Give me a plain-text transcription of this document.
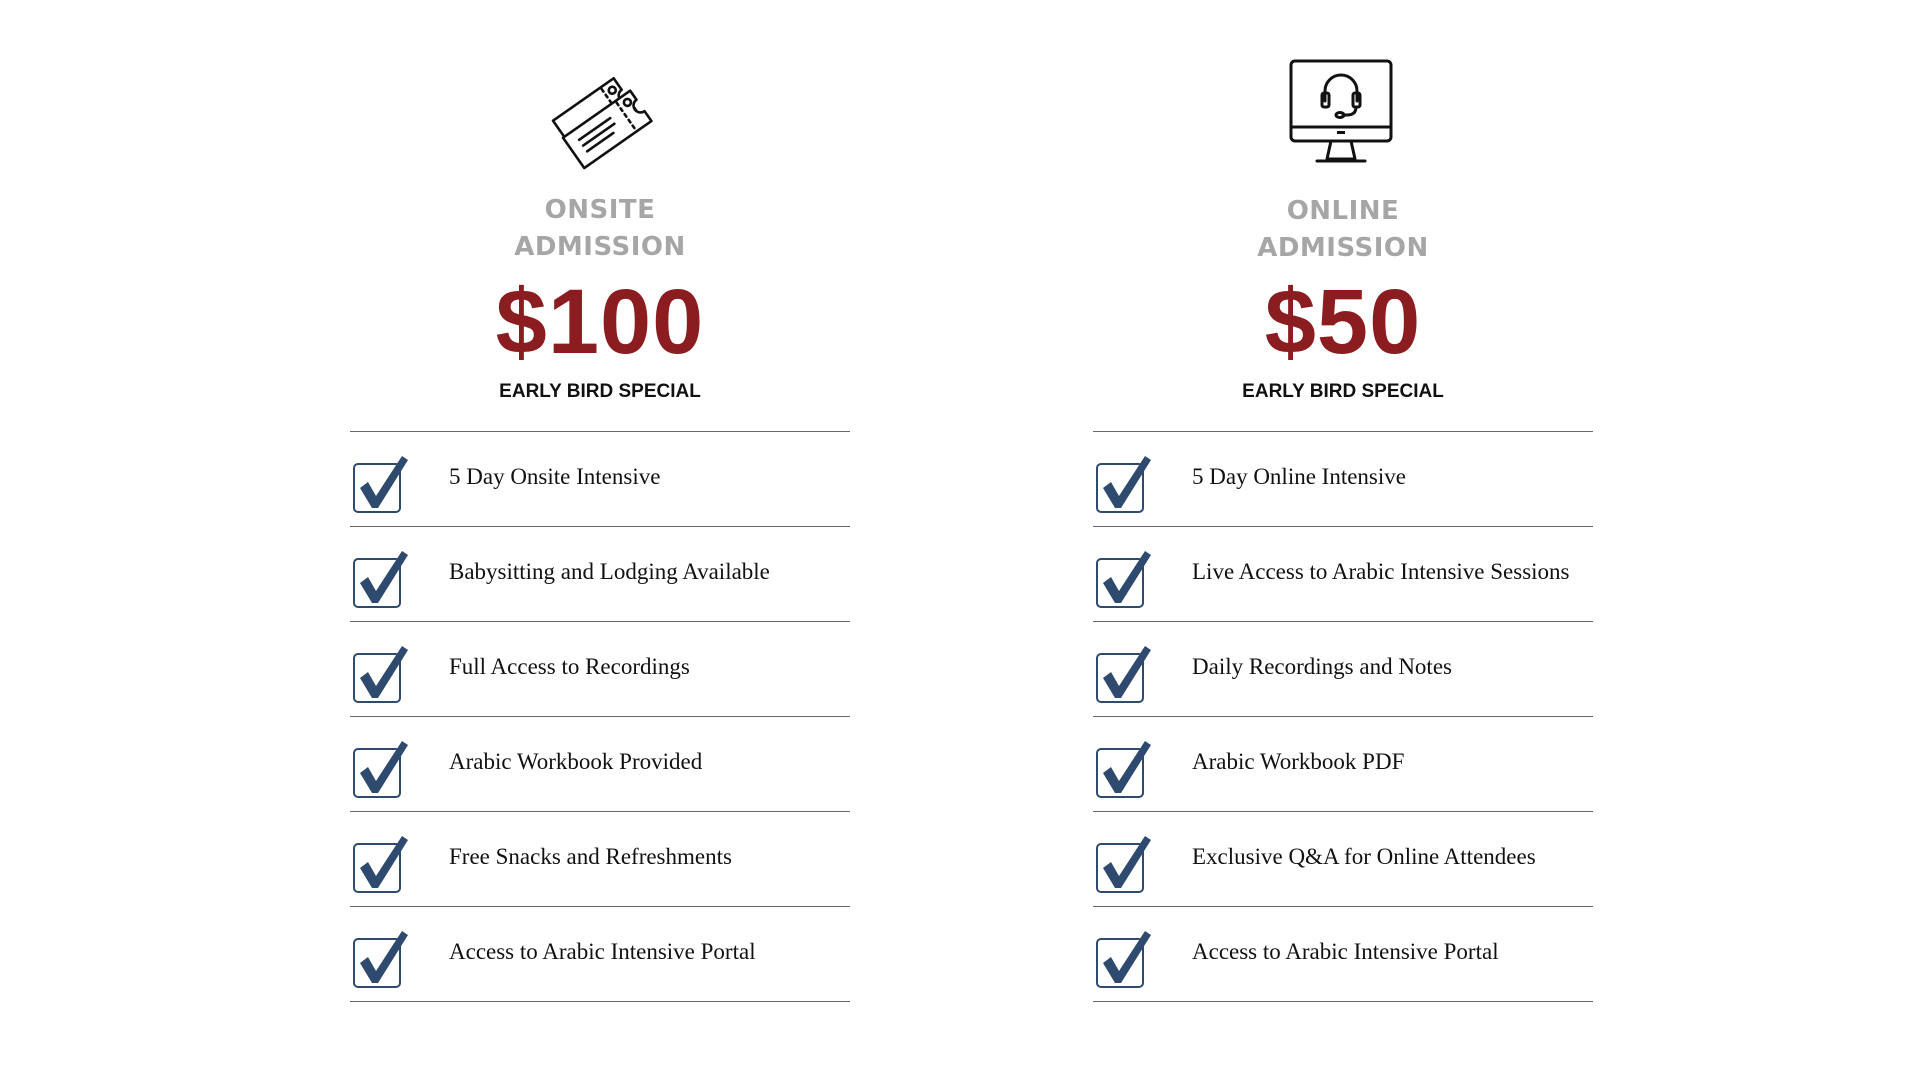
ONSITE
ADMISSION
$100
EARLY BIRD SPECIAL
5 Day Onsite Intensive
Babysitting and Lodging Available
Full Access to Recordings
Arabic Workbook Provided
Free Snacks and Refreshments
Access to Arabic Intensive Portal
ONLINE
ADMISSION
$50
EARLY BIRD SPECIAL
5 Day Online Intensive
Live Access to Arabic Intensive Sessions
Daily Recordings and Notes
Arabic Workbook PDF
Exclusive Q&A for Online Attendees
Access to Arabic Intensive Portal
